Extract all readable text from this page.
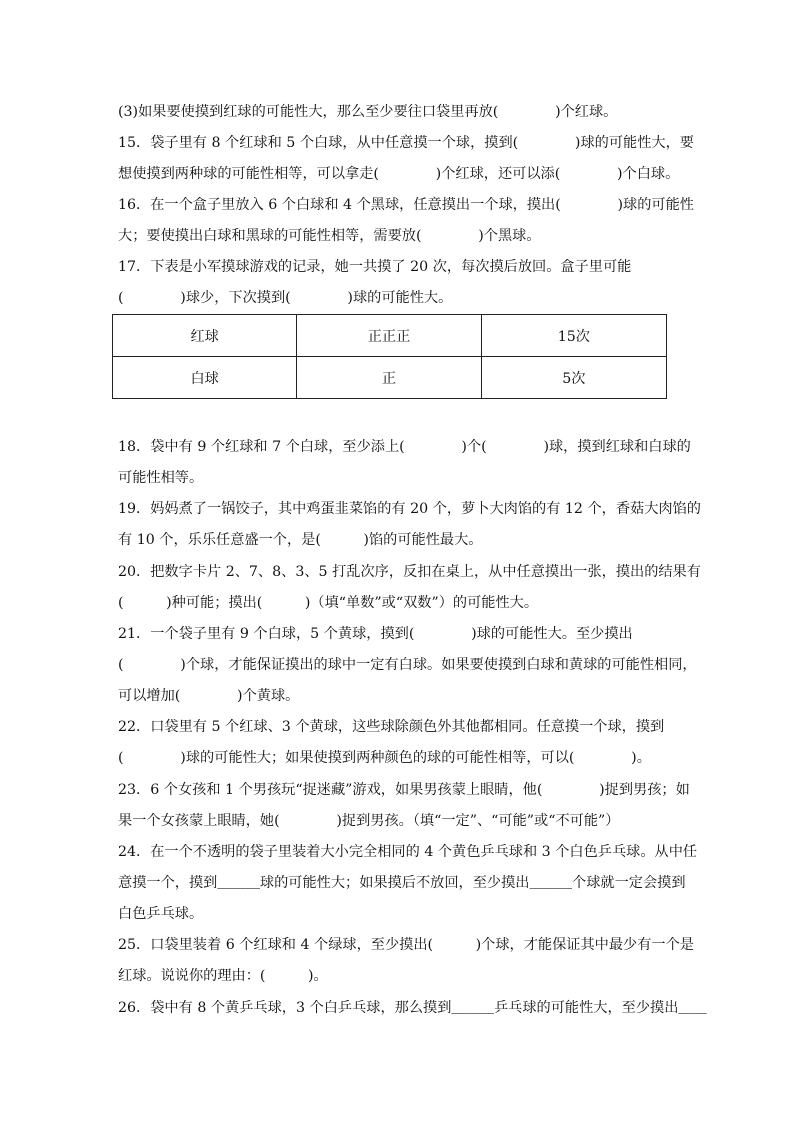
(3)如果要使摸到红球的可能性大，那么至少要往口袋里再放(　　　　)个红球。
15．袋子里有 8 个红球和 5 个白球，从中任意摸一个球，摸到(　　　　)球的可能性大，要
想使摸到两种球的可能性相等，可以拿走(　　　　)个红球，还可以添(　　　　)个白球。
16．在一个盒子里放入 6 个白球和 4 个黑球，任意摸出一个球，摸出(　　　　)球的可能性
大；要使摸出白球和黑球的可能性相等，需要放(　　　　)个黑球。
17．下表是小军摸球游戏的记录，她一共摸了 20 次，每次摸后放回。盒子里可能
(　　　　)球少，下次摸到(　　　　)球的可能性大。
红球	正正正	15次
白球	正	5次
18．袋中有 9 个红球和 7 个白球，至少添上(　　　　)个(　　　　)球，摸到红球和白球的
可能性相等。
19．妈妈煮了一锅饺子，其中鸡蛋韭菜馅的有 20 个，萝卜大肉馅的有 12 个，香菇大肉馅的
有 10 个，乐乐任意盛一个，是(　　　)馅的可能性最大。
20．把数字卡片 2、7、8、3、5 打乱次序，反扣在桌上，从中任意摸出一张，摸出的结果有
(　　　)种可能；摸出(　　　)（填“单数”或“双数”）的可能性大。
21．一个袋子里有 9 个白球，5 个黄球，摸到(　　　　)球的可能性大。至少摸出
(　　　　)个球，才能保证摸出的球中一定有白球。如果要使摸到白球和黄球的可能性相同，
可以增加(　　　　)个黄球。
22．口袋里有 5 个红球、3 个黄球，这些球除颜色外其他都相同。任意摸一个球，摸到
(　　　　)球的可能性大；如果使摸到两种颜色的球的可能性相等，可以(　　　　)。
23．6 个女孩和 1 个男孩玩“捉迷藏”游戏，如果男孩蒙上眼睛，他(　　　　)捉到男孩；如
果一个女孩蒙上眼睛，她(　　　　)捉到男孩。（填“一定”、“可能”或“不可能”）
24．在一个不透明的袋子里装着大小完全相同的 4 个黄色乒乓球和 3 个白色乒乓球。从中任
意摸一个，摸到＿＿＿球的可能性大；如果摸后不放回，至少摸出＿＿＿个球就一定会摸到
白色乒乓球。
25．口袋里装着 6 个红球和 4 个绿球，至少摸出(　　　)个球，才能保证其中最少有一个是
红球。说说你的理由：(　　　)。
26．袋中有 8 个黄乒乓球，3 个白乒乓球，那么摸到＿＿＿乒乓球的可能性大，至少摸出＿＿
